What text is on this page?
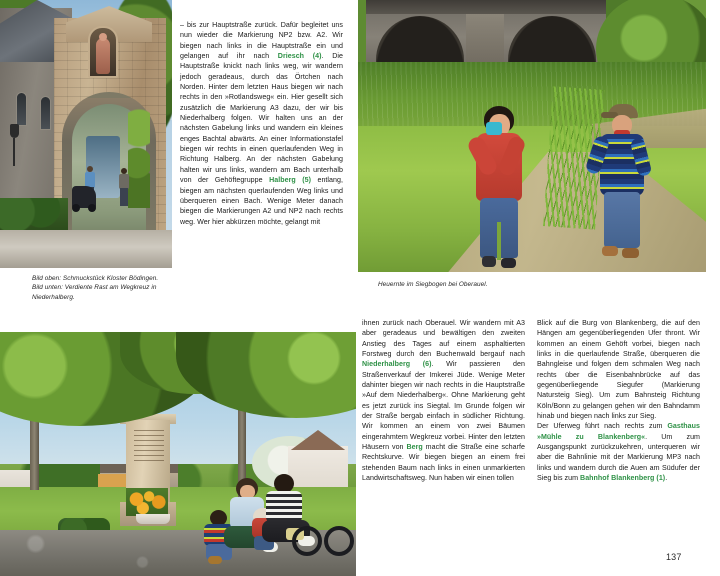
Bild oben: Schmuckstück Kloster Bödingen.
Bild unten: Verdiente Rast am Wegkreuz in Niederhalberg.
Heuernte im Siegbogen bei Oberauel.
– bis zur Hauptstraße zurück. Dafür begleitet uns nun wieder die Markierung NP2 bzw. A2. Wir biegen nach links in die Hauptstraße ein und gelangen auf ihr nach Driesch (4). Die Hauptstraße knickt nach links weg, wir wandern jedoch geradeaus, durch das Örtchen nach Norden. Hinter dem letzten Haus biegen wir nach rechts in den »Rotlandsweg« ein. Hier gesellt sich zusätzlich die Markierung A3 dazu, der wir bis Niederhalberg folgen. Wir halten uns an der nächsten Gabelung links und wandern ein kleines enges Bachtal abwärts. An einer Informationstafel biegen wir rechts in einen querlaufenden Weg in Richtung Halberg. An der nächsten Gabelung halten wir uns links, wandern am Bach unterhalb von der Gehöftegruppe Halberg (5) entlang, biegen am nächsten querlaufenden Weg links und überqueren einen Bach. Wenige Meter danach biegen die Markierungen A2 und NP2 nach rechts weg. Wer hier abkürzen möchte, gelangt mit
ihnen zurück nach Oberauel. Wir wandern mit A3 aber geradeaus und bewältigen den zweiten Anstieg des Tages auf einem asphaltierten Forstweg durch den Buchenwald bergauf nach Niederhalberg (6). Wir passieren den Straßenverkauf der Imkerei Jüde. Wenige Meter dahinter biegen wir nach rechts in die Hauptstraße »Auf dem Niederhalberg«. Ohne Markierung geht es jetzt zurück ins Siegtal. Im Grunde folgen wir der Straße bergab einfach in südlicher Richtung. Wir kommen an einem von zwei Bäumen eingerahmtem Wegkreuz vorbei. Hinter den letzten Häusern von Berg macht die Straße eine scharfe Rechtskurve. Wir biegen biegen an einem frei stehenden Baum nach links in einen unmarkierten Landwirtschaftsweg. Nun haben wir einen tollen
Blick auf die Burg von Blankenberg, die auf den Hängen am gegenüberliegenden Ufer thront. Wir kommen an einem Gehöft vorbei, biegen nach links in die querlaufende Straße, überqueren die Bahngleise und folgen dem schmalen Weg nach rechts über die Eisenbahnbrücke auf das gegenüberliegende Siegufer (Markierung Natursteig Sieg). Um zum Bahnsteig Richtung Köln/Bonn zu gelangen gehen wir den Bahndamm hinab und biegen nach links zur Sieg.
Der Uferweg führt nach rechts zum Gasthaus »Mühle zu Blankenberg«. Um zum Ausgangspunkt zurückzukehren, unterqueren wir aber die Bahnlinie mit der Markierung MP3 nach links und wandern durch die Auen am Südufer der Sieg bis zum Bahnhof Blankenberg (1).
137
